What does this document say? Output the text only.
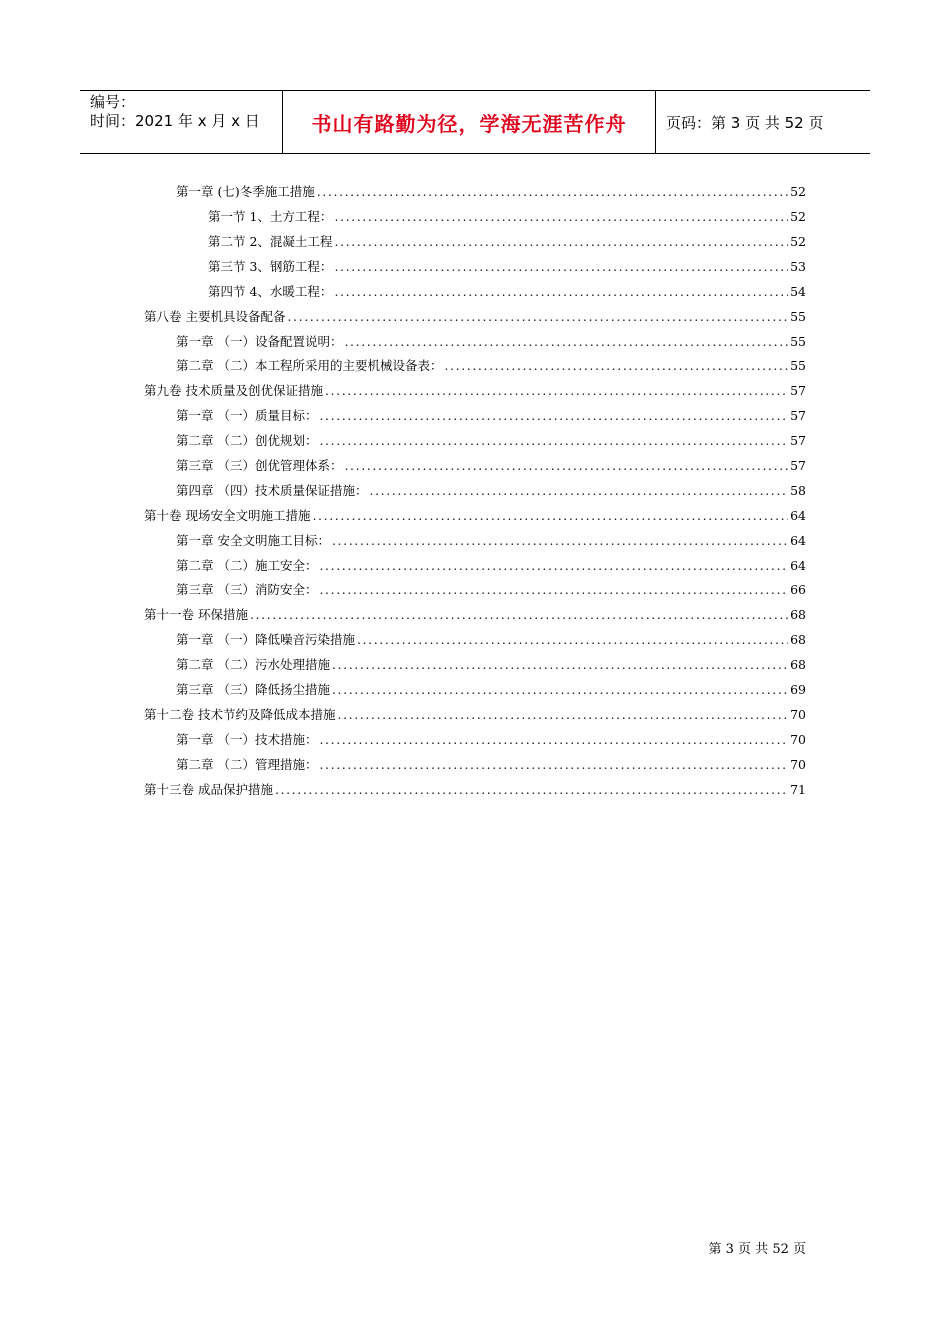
编号：
时间：2021 年 x 月 x 日	书山有路勤为径，学海无涯苦作舟	页码：第 3 页 共 52 页
第一章 (七)冬季施工措施 .....	52
第一节 1、土方工程： .....	52
第二节 2、混凝土工程 .....	52
第三节 3、钢筋工程： .....	53
第四节 4、水暖工程： .....	54
第八卷 主要机具设备配备 .....	55
第一章 （一）设备配置说明： .....	55
第二章 （二）本工程所采用的主要机械设备表： .....	55
第九卷 技术质量及创优保证措施 .....	57
第一章 （一）质量目标： .....	57
第二章 （二）创优规划： .....	57
第三章 （三）创优管理体系： .....	57
第四章 （四）技术质量保证措施： .....	58
第十卷 现场安全文明施工措施 .....	64
第一章 安全文明施工目标： .....	64
第二章 （二）施工安全： .....	64
第三章 （三）消防安全： .....	66
第十一卷 环保措施 .....	68
第一章 （一）降低噪音污染措施 .....	68
第二章 （二）污水处理措施 .....	68
第三章 （三）降低扬尘措施 .....	69
第十二卷 技术节约及降低成本措施 .....	70
第一章 （一）技术措施： .....	70
第二章 （二）管理措施： .....	70
第十三卷 成品保护措施 .....	71
第 3 页 共 52 页
